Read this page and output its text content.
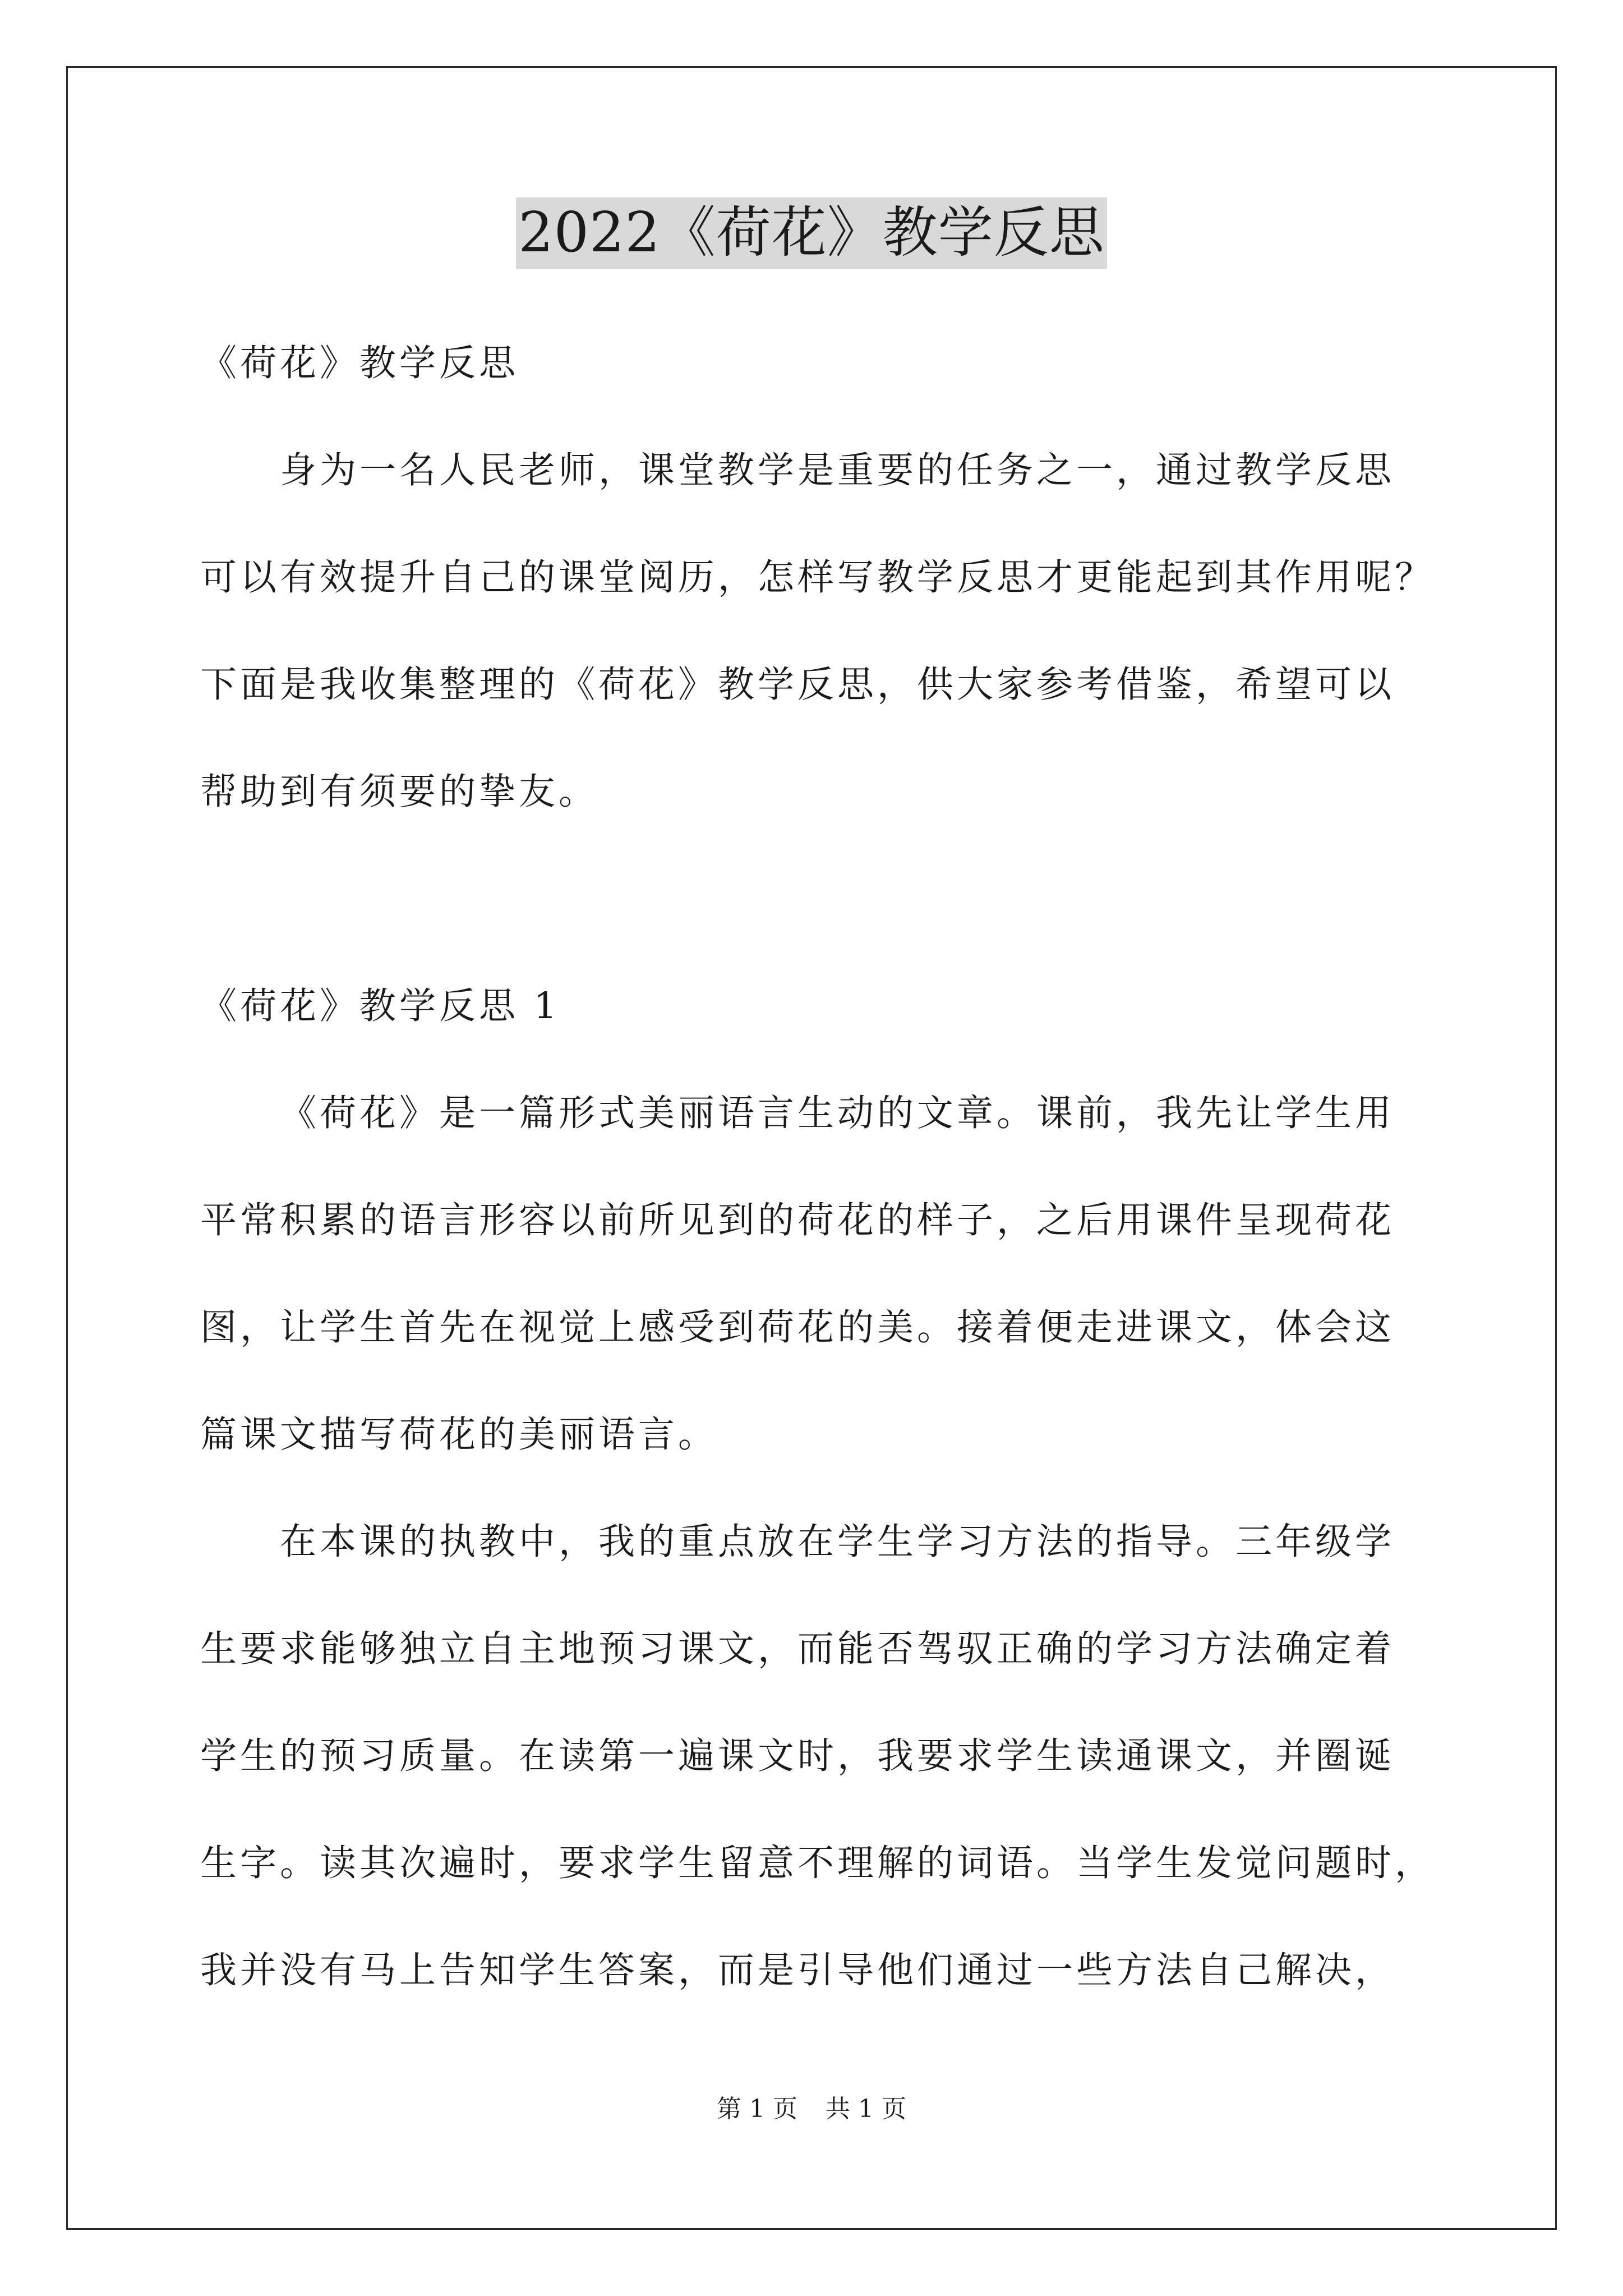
2022《荷花》教学反思

《荷花》教学反思

身为一名人民老师，课堂教学是重要的任务之一，通过教学反思

可以有效提升自己的课堂阅历，怎样写教学反思才更能起到其作用呢？

下面是我收集整理的《荷花》教学反思，供大家参考借鉴，希望可以

帮助到有须要的挚友。

《荷花》教学反思 1

《荷花》是一篇形式美丽语言生动的文章。课前，我先让学生用

平常积累的语言形容以前所见到的荷花的样子，之后用课件呈现荷花

图，让学生首先在视觉上感受到荷花的美。接着便走进课文，体会这

篇课文描写荷花的美丽语言。

在本课的执教中，我的重点放在学生学习方法的指导。三年级学

生要求能够独立自主地预习课文，而能否驾驭正确的学习方法确定着

学生的预习质量。在读第一遍课文时，我要求学生读通课文，并圈诞

生字。读其次遍时，要求学生留意不理解的词语。当学生发觉问题时，

我并没有马上告知学生答案，而是引导他们通过一些方法自己解决，

第 1 页 共 1 页
